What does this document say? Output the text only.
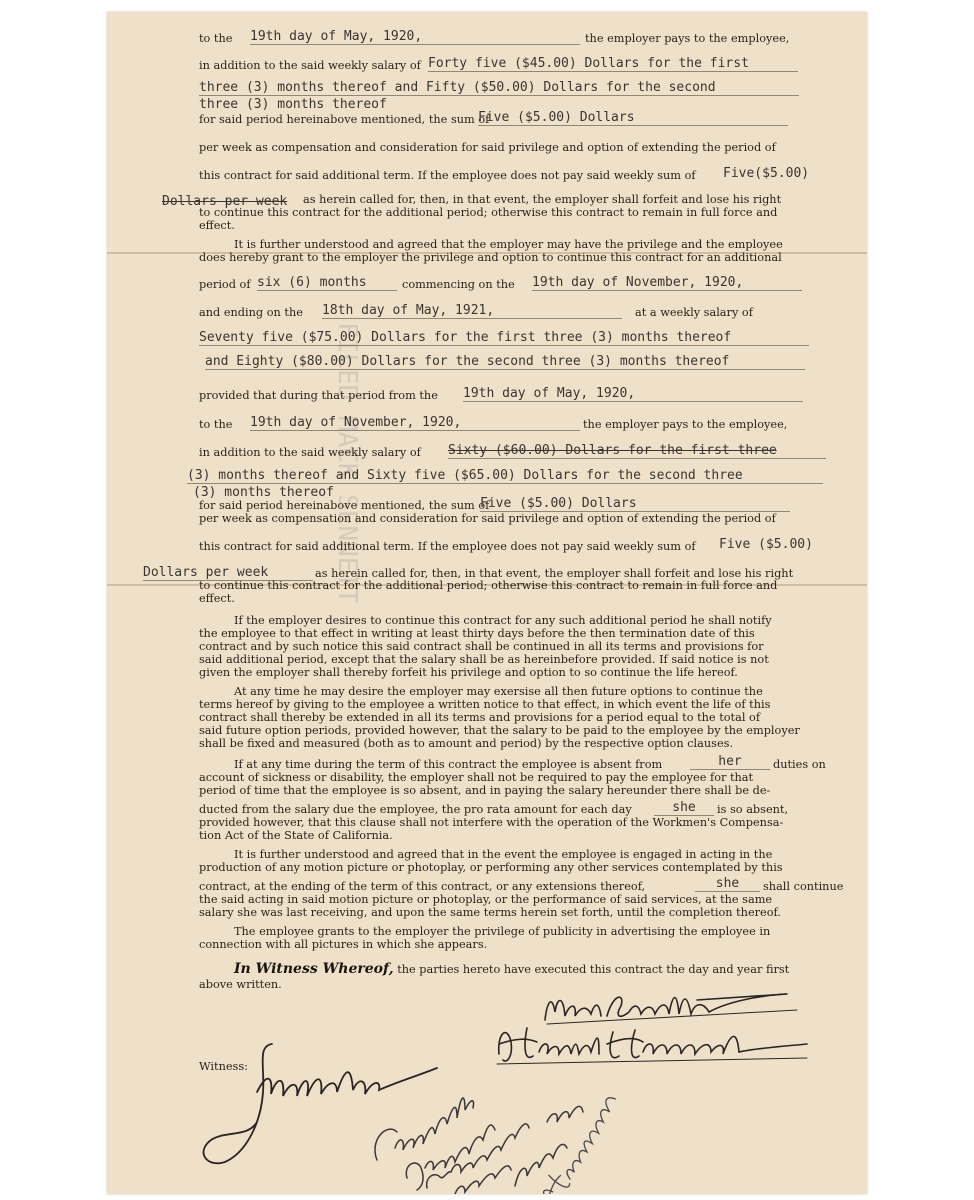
FILED MACK SENNETT
to the 19th day of May, 1920,	the employer pays to the employee,
in addition to the said weekly salary of Forty five ($45.00) Dollars for the first
three (3) months thereof and Fifty ($50.00) Dollars for the second
three (3) months thereof
for said period hereinabove mentioned, the sum of
Five ($5.00) Dollars
per week as compensation and consideration for said privilege and option of extending the period of
this contract for said additional term. If the employee does not pay said weekly sum of Five($5.00)
Dollars per week as herein called for, then, in that event, the employer shall forfeit and lose his right
to continue this contract for the additional period; otherwise this contract to remain in full force and
effect.
It is further understood and agreed that the employer may have the privilege and the employee
does hereby grant to the employer the privilege and option to continue this contract for an additional
period of six (6) months	commencing on the 19th day of November, 1920,
and ending on the 18th day of May, 1921,	at a weekly salary of
Seventy five ($75.00) Dollars for the first three (3) months thereof
and Eighty ($80.00) Dollars for the second three (3) months thereof
provided that during that period from the 19th day of May, 1920,
to the 19th day of November, 1920,	the employer pays to the employee,
in addition to the said weekly salary of Sixty ($60.00) Dollars for the first three
(3) months thereof and Sixty five ($65.00) Dollars for the second three
(3) months thereof
for said period hereinabove mentioned, the sum of
Five ($5.00) Dollars
per week as compensation and consideration for said privilege and option of extending the period of
this contract for said additional term. If the employee does not pay said weekly sum of Five ($5.00)
Dollars per week	as herein called for, then, in that event, the employer shall forfeit and lose his right
to continue this contract for the additional period; otherwise this contract to remain in full force and
effect.
If the employer desires to continue this contract for any such additional period he shall notify
the employee to that effect in writing at least thirty days before the then termination date of this
contract and by such notice this said contract shall be continued in all its terms and provisions for
said additional period, except that the salary shall be as hereinbefore provided. If said notice is not
given the employer shall thereby forfeit his privilege and option to so continue the life hereof.
At any time he may desire the employer may exersise all then future options to continue the
terms hereof by giving to the employee a written notice to that effect, in which event the life of this
contract shall thereby be extended in all its terms and provisions for a period equal to the total of
said future option periods, provided however, that the salary to be paid to the employee by the employer
shall be fixed and measured (both as to amount and period) by the respective option clauses.
If at any time during the term of this contract the employee is absent from	her	duties on
account of sickness or disability, the employer shall not be required to pay the employee for that
period of time that the employee is so absent, and in paying the salary hereunder there shall be de-
ducted from the salary due the employee, the pro rata amount for each day	she	is so absent,
provided however, that this clause shall not interfere with the operation of the Workmen's Compensa-
tion Act of the State of California.
It is further understood and agreed that in the event the employee is engaged in acting in the
production of any motion picture or photoplay, or performing any other services contemplated by this
contract, at the ending of the term of this contract, or any extensions thereof,	she	shall continue
the said acting in said motion picture or photoplay, or the performance of said services, at the same
salary she was last receiving, and upon the same terms herein set forth, until the completion thereof.
The employee grants to the employer the privilege of publicity in advertising the employee in
connection with all pictures in which she appears.
In Witness Whereof, the parties hereto have executed this contract the day and year first
above written.
Witness:
